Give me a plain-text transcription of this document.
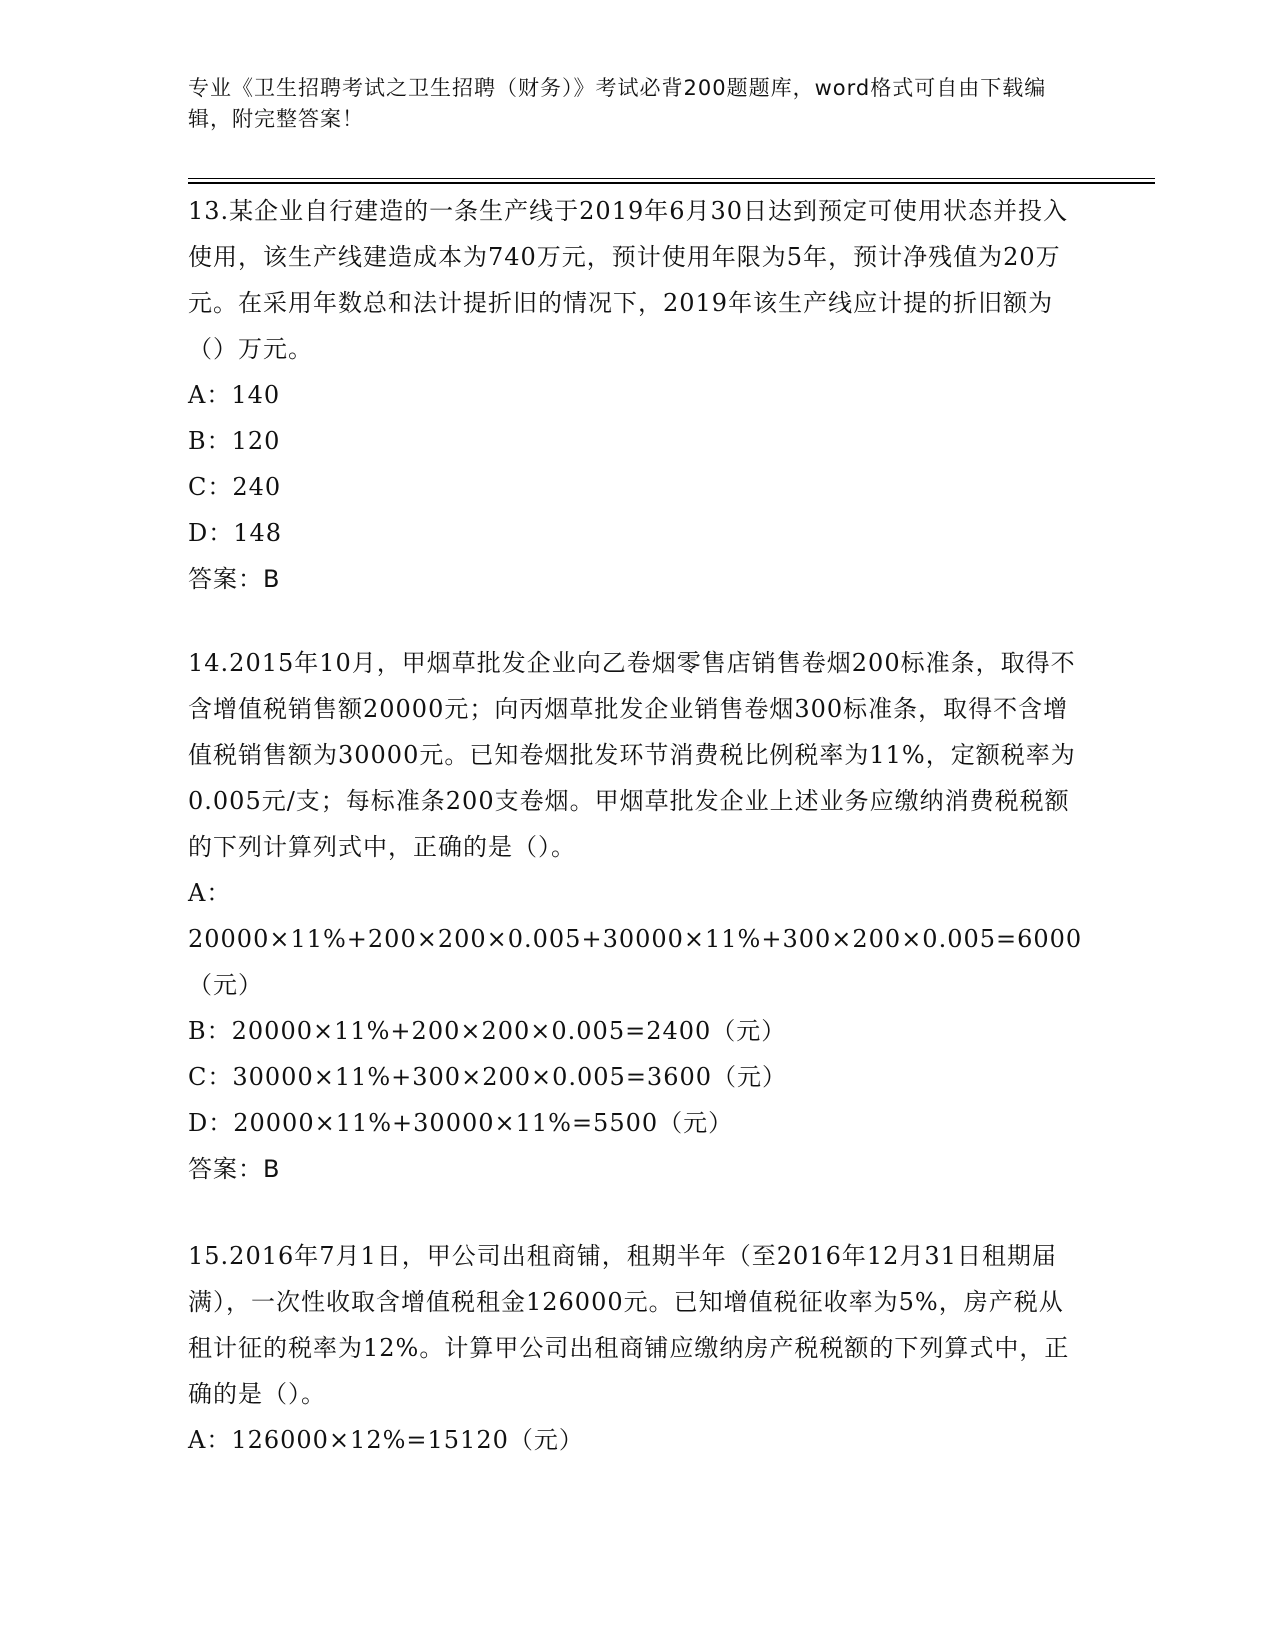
专业《卫生招聘考试之卫生招聘（财务）》考试必背200题题库，word格式可自由下载编辑，附完整答案！
13.某企业自行建造的一条生产线于2019年6月30日达到预定可使用状态并投入使用，该生产线建造成本为740万元，预计使用年限为5年，预计净残值为20万元。在采用年数总和法计提折旧的情况下，2019年该生产线应计提的折旧额为（）万元。
A：140
B：120
C：240
D：148
答案：B
14.2015年10月，甲烟草批发企业向乙卷烟零售店销售卷烟200标准条，取得不含增值税销售额20000元；向丙烟草批发企业销售卷烟300标准条，取得不含增值税销售额为30000元。已知卷烟批发环节消费税比例税率为11%，定额税率为0.005元/支；每标准条200支卷烟。甲烟草批发企业上述业务应缴纳消费税税额的下列计算列式中，正确的是（）。
A：20000×11%+200×200×0.005+30000×11%+300×200×0.005=6000（元）
B：20000×11%+200×200×0.005=2400（元）
C：30000×11%+300×200×0.005=3600（元）
D：20000×11%+30000×11%=5500（元）
答案：B
15.2016年7月1日，甲公司出租商铺，租期半年（至2016年12月31日租期届满），一次性收取含增值税租金126000元。已知增值税征收率为5%，房产税从租计征的税率为12%。计算甲公司出租商铺应缴纳房产税税额的下列算式中，正确的是（）。
A：126000×12%=15120（元）
